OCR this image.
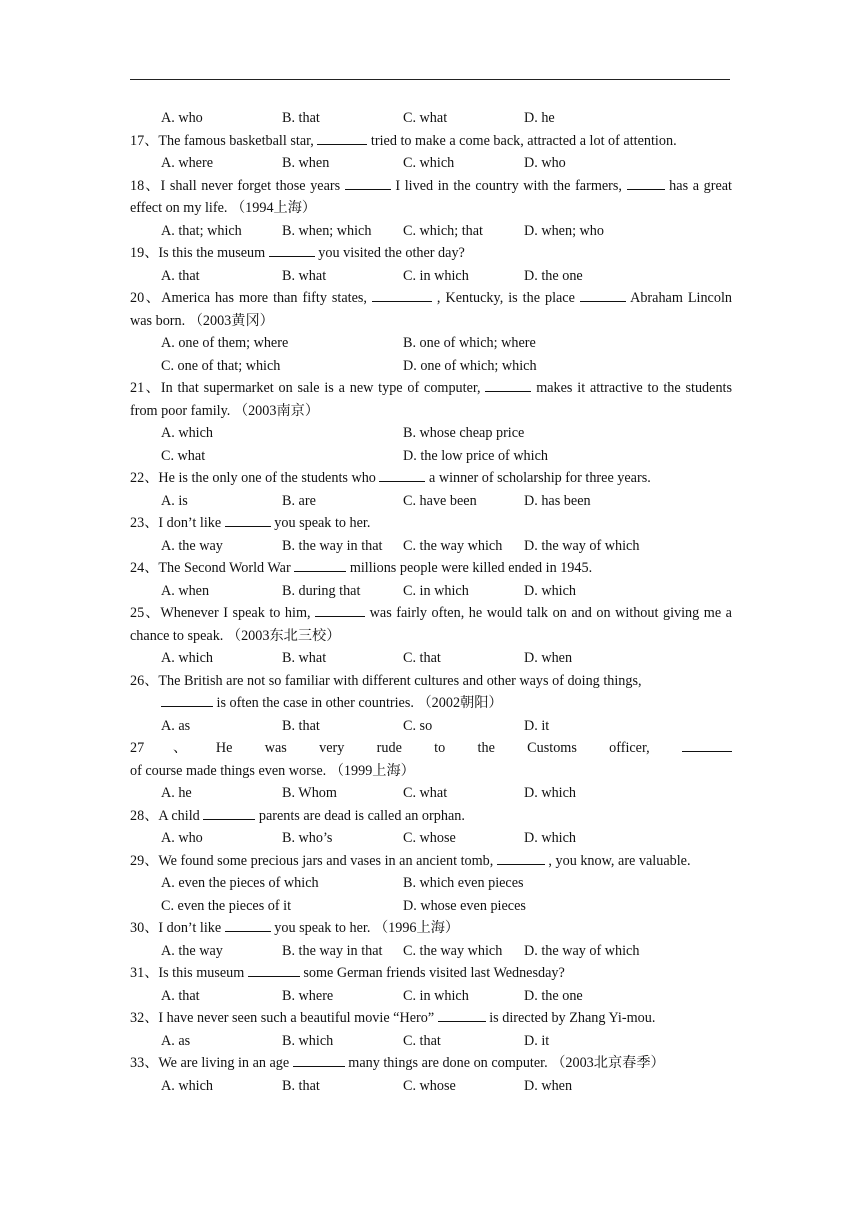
A. who	B. that	C. what	D. he

17、The famous basketball star,	tried to make a come back, attracted a lot of attention.

A. where	B. when	C. which	D. who

18、I shall never forget those years	I lived in the country with the farmers,	has a great effect on my life. （1994上海）

A. that; which	B. when; which C. which; that	D. when; who

19、Is this the museum	you visited the other day?

A. that	B. what	C. in which	D. the one

20、America has more than fifty states,	, Kentucky, is the place	Abraham Lincoln was born. （2003黄冈）

A. one of them; where	B. one of which; where
C. one of that; which	D. one of which; which

21、In that supermarket on sale is a new type of computer,	makes it attractive to the students from poor family. （2003南京）

A. which	B. whose cheap price
C. what	D. the low price of which

22、He is the only one of the students who	a winner of scholarship for three years.

A. is	B. are	C. have been	D. has been

23、I don’t like	you speak to her.

A. the way	B. the way in that C. the way which D. the way of which

24、The Second World War	millions people were killed ended in 1945.

A. when	B. during that	C. in which	D. which

25、Whenever I speak to him,	was fairly often, he would talk on and on without giving me a chance to speak. （2003东北三校）

A. which	B. what	C. that	D. when

26、The British are not so familiar with different cultures and other ways of doing things,

is often the case in other countries. （2002朝阳）

A. as	B. that	C. so	D. it

27、He was very rude to the Customs officer,  of course made things even worse. （1999上海）

A. he	B. Whom	C. what	D. which

28、A child	parents are dead is called an orphan.

A. who	B. who’s	C. whose	D. which

29、We found some precious jars and vases in an ancient tomb,	, you know, are valuable.

A. even the pieces of which	B. which even pieces
C. even the pieces of it	D. whose even pieces

30、I don’t like	you speak to her. （1996上海）

A. the way	B. the way in that C. the way which D. the way of which

31、Is this museum	some German friends visited last Wednesday?

A. that	B. where	C. in which	D. the one

32、I have never seen such a beautiful movie “Hero”	is directed by Zhang Yi-mou.

A. as	B. which	C. that	D. it

33、We are living in an age	many things are done on computer. （2003北京春季）

A. which	B. that	C. whose	D. when
